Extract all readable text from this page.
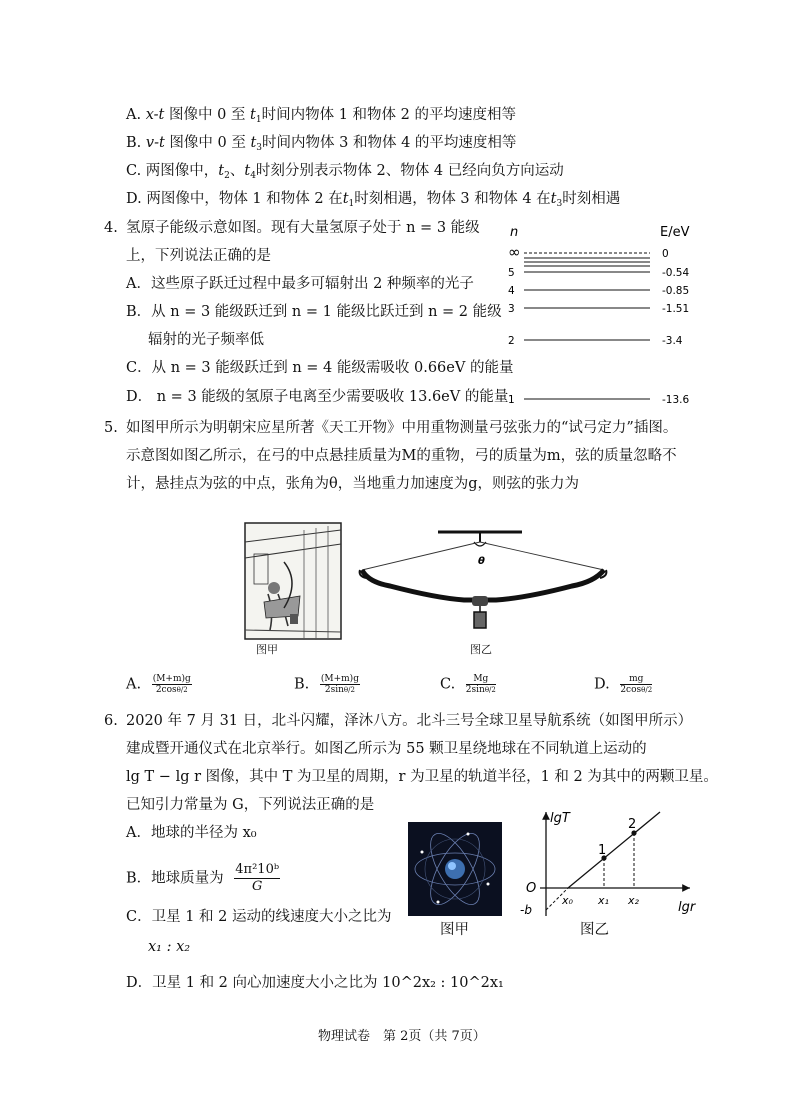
A. x-t 图像中 0 至 $t_1$时间内物体 1 和物体 2 的平均速度相等
B. v-t 图像中 0 至 $t_3$时间内物体 3 和物体 4 的平均速度相等
C. 两图像中，$t_2$、$t_4$时刻分别表示物体 2、物体 4 已经向负方向运动
D. 两图像中，物体 1 和物体 2 在$t_1$时刻相遇，物体 3 和物体 4 在$t_3$时刻相遇
4. 氢原子能级示意如图。现有大量氢原子处于 n = 3 能级
上，下列说法正确的是
A．这些原子跃迁过程中最多可辐射出 2 种频率的光子
B．从 n = 3 能级跃迁到 n = 1 能级比跃迁到 n = 2 能级
辐射的光子频率低
C．从 n = 3 能级跃迁到 n = 4 能级需吸收 0.66eV 的能量
D． n = 3 能级的氢原子电离至少需要吸收 13.6eV 的能量
n	E/eV
∞	0
5	-0.54
4	-0.85
3	-1.51
2	-3.4
1	-13.6
5. 如图甲所示为明朝宋应星所著《天工开物》中用重物测量弓弦张力的“试弓定力”插图。
示意图如图乙所示，在弓的中点悬挂质量为M的重物，弓的质量为m，弦的质量忽略不
计，悬挂点为弦的中点，张角为θ，当地重力加速度为g，则弦的张力为
图甲
θ
图乙
A. $\frac{(M+m)g}{2\cos\theta/2}$	B. $\frac{(M+m)g}{2\sin\theta/2}$	C. $\frac{Mg}{2\sin\theta/2}$	D. $\frac{mg}{2\cos\theta/2}$
6. 2020 年 7 月 31 日，北斗闪耀，泽沐八方。北斗三号全球卫星导航系统（如图甲所示）
建成暨开通仪式在北京举行。如图乙所示为 55 颗卫星绕地球在不同轨道上运动的
lg T − lg r 图像，其中 T 为卫星的周期，r 为卫星的轨道半径，1 和 2 为其中的两颗卫星。
已知引力常量为 G，下列说法正确的是
A．地球的半径为 x₀
B．地球质量为 $\frac{\text{4π²10ᵇ}}{G}$
C．卫星 1 和 2 运动的线速度大小之比为
x₁ : x₂
D．卫星 1 和 2 向心加速度大小之比为 10^2x₂ : 10^2x₁
图甲
lgT
lgr
O
-b
1
2
x₀ x₁ x₂
图乙
物理试卷　第 2页（共 7页）
